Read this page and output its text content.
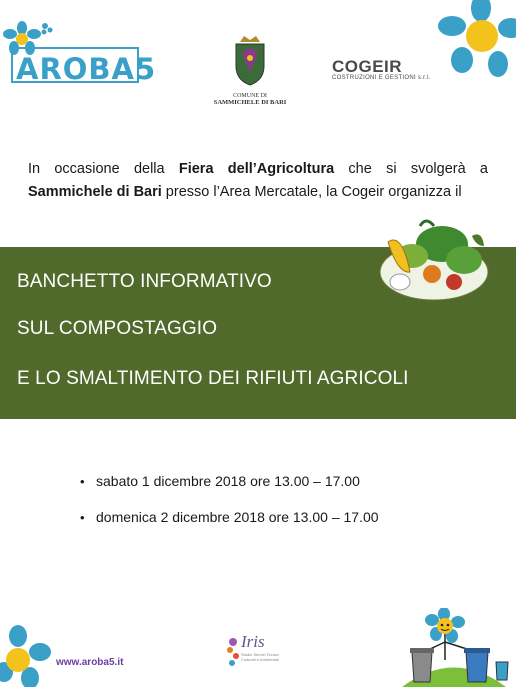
AROBA5
COMUNE DI
SAMMICHELE DI BARI
COGEIR
COSTRUZIONI E GESTIONI s.r.l.
In occasione della Fiera dell’Agricoltura che si svolgerà a Sammichele di Bari presso l’Area Mercatale, la Cogeir organizza il
BANCHETTO INFORMATIVO
SUL COMPOSTAGGIO
E LO SMALTIMENTO DEI RIFIUTI AGRICOLI
• sabato 1 dicembre 2018 ore 13.00 – 17.00
• domenica 2 dicembre 2018 ore 13.00 – 17.00
www.aroba5.it
Iris
Studio Servizi Tecnici Culturali e Ambientali
